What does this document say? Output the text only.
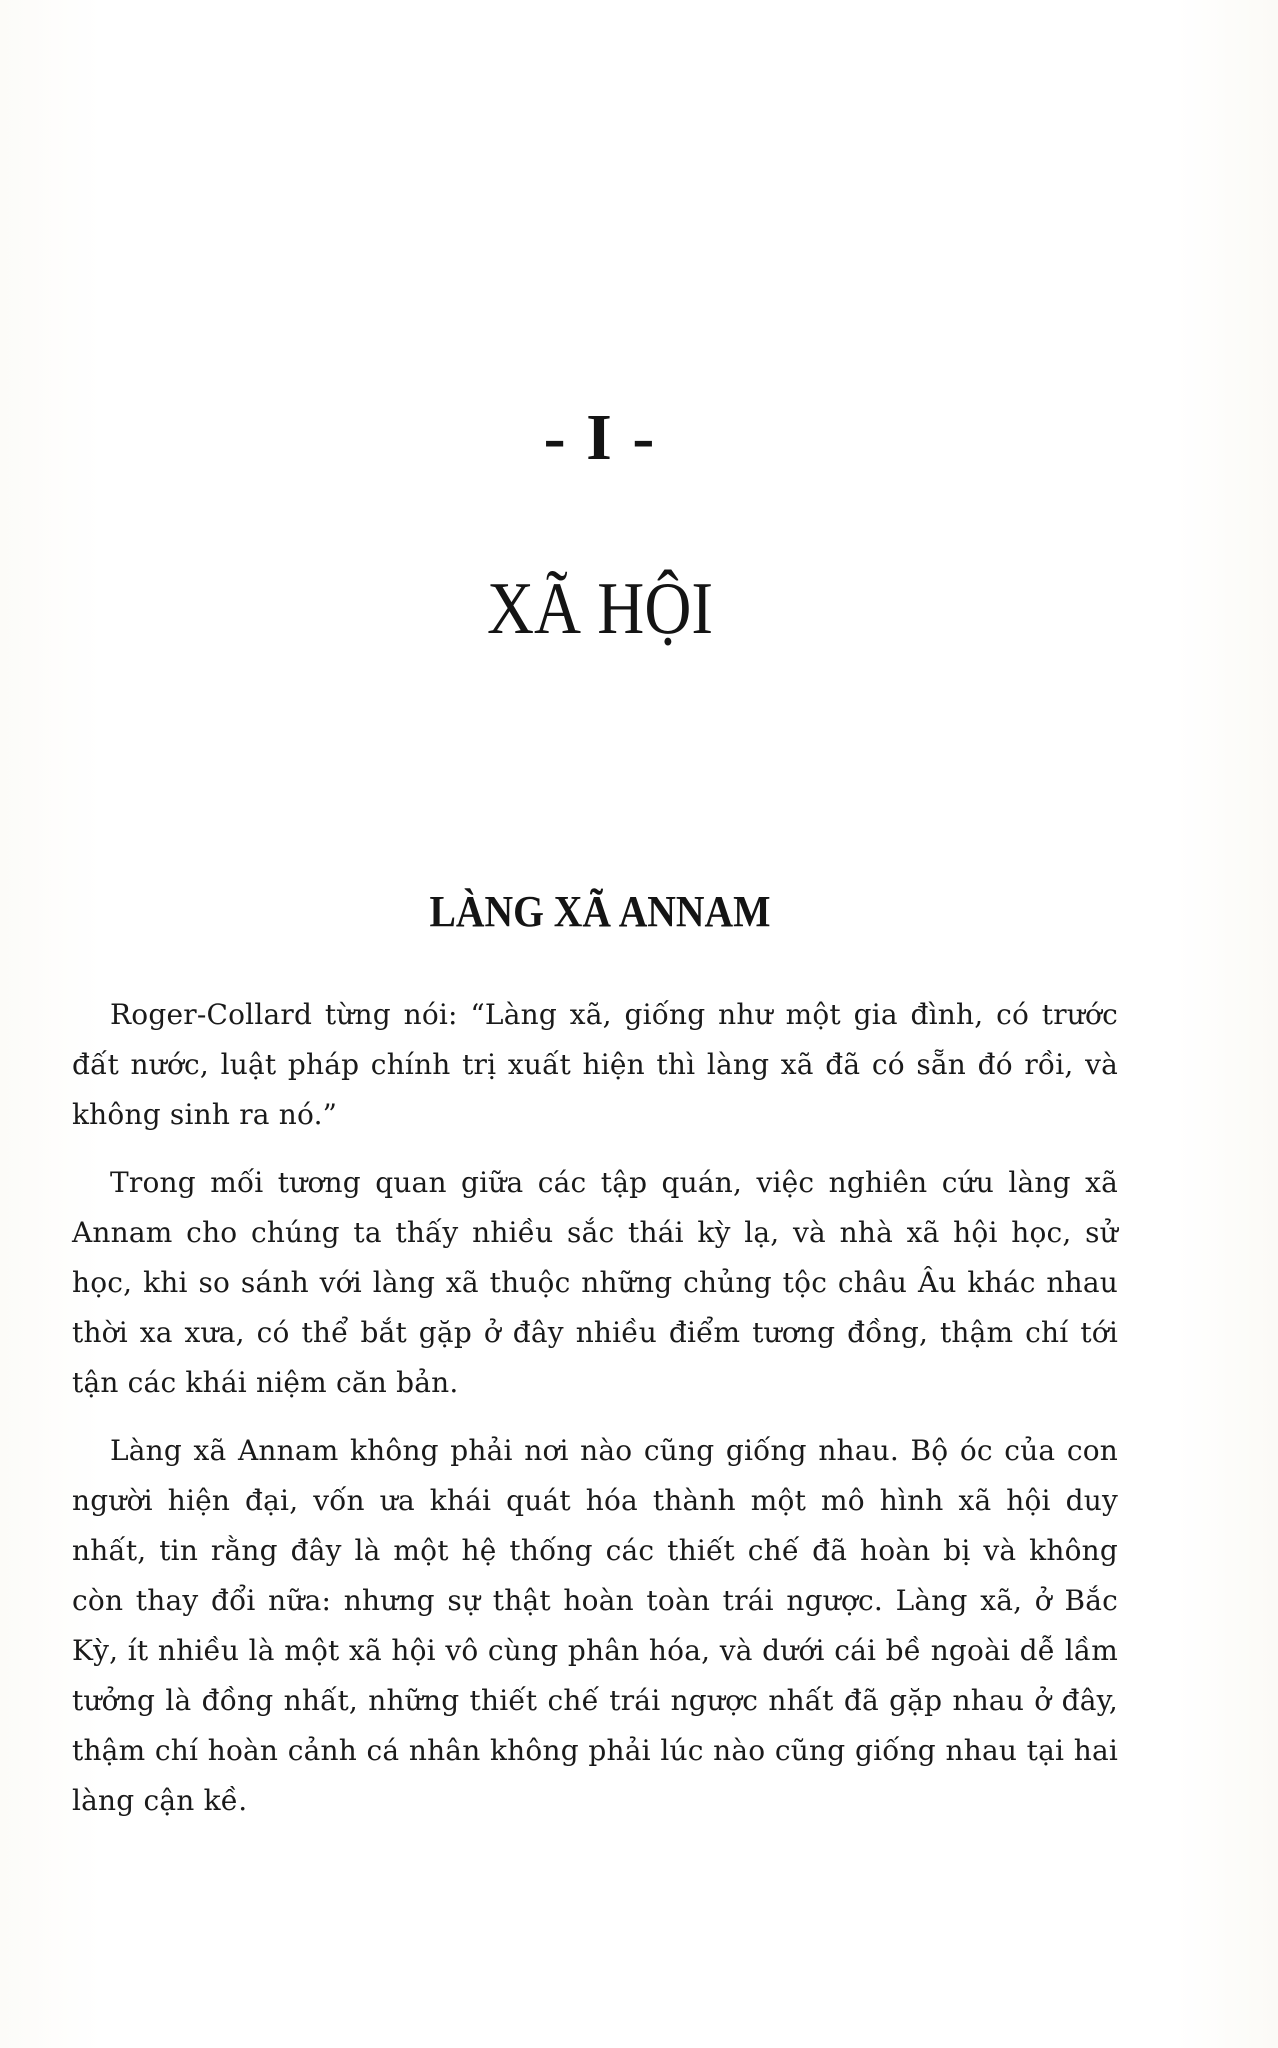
- I -
XÃ HỘI
LÀNG XÃ ANNAM

Roger-Collard từng nói: “Làng xã, giống như một gia đình, có trước đất nước, luật pháp chính trị xuất hiện thì làng xã đã có sẵn đó rồi, và không sinh ra nó.”

Trong mối tương quan giữa các tập quán, việc nghiên cứu làng xã Annam cho chúng ta thấy nhiều sắc thái kỳ lạ, và nhà xã hội học, sử học, khi so sánh với làng xã thuộc những chủng tộc châu Âu khác nhau thời xa xưa, có thể bắt gặp ở đây nhiều điểm tương đồng, thậm chí tới tận các khái niệm căn bản.

Làng xã Annam không phải nơi nào cũng giống nhau. Bộ óc của con người hiện đại, vốn ưa khái quát hóa thành một mô hình xã hội duy nhất, tin rằng đây là một hệ thống các thiết chế đã hoàn bị và không còn thay đổi nữa: nhưng sự thật hoàn toàn trái ngược. Làng xã, ở Bắc Kỳ, ít nhiều là một xã hội vô cùng phân hóa, và dưới cái bề ngoài dễ lầm tưởng là đồng nhất, những thiết chế trái ngược nhất đã gặp nhau ở đây, thậm chí hoàn cảnh cá nhân không phải lúc nào cũng giống nhau tại hai làng cận kề.
